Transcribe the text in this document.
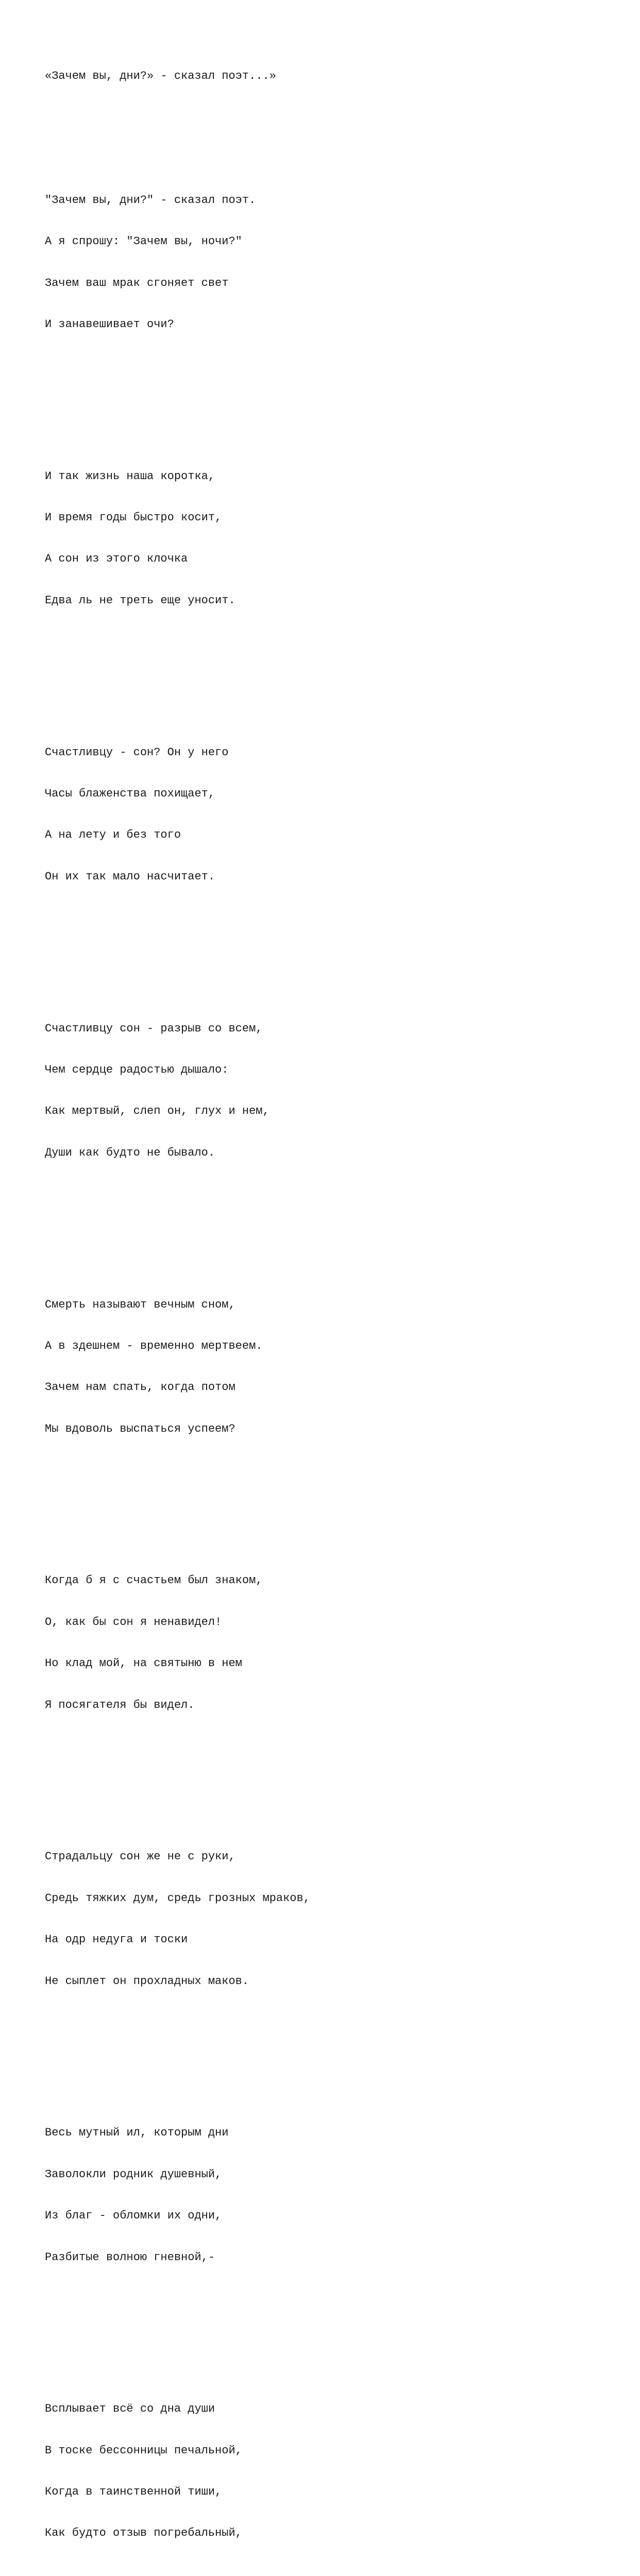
«Зачем вы, дни?» - сказал поэт...»

"Зачем вы, дни?" - сказал поэт.

А я спрошу: "Зачем вы, ночи?"

Зачем ваш мрак сгоняет свет

И занавешивает очи?

И так жизнь наша коротка,

И время годы быстро косит,

А сон из этого клочка

Едва ль не треть еще уносит.

Счастливцу - сон? Он у него

Часы блаженства похищает,

А на лету и без того

Он их так мало насчитает.

Счастливцу сон - разрыв со всем,

Чем сердце радостью дышало:

Как мертвый, слеп он, глух и нем,

Души как будто не бывало.

Смерть называют вечным сном,

А в здешнем - временно мертвеем.

Зачем нам спать, когда потом

Мы вдоволь выспаться успеем?

Когда б я с счастьем был знаком,

О, как бы сон я ненавидел!

Но клад мой, на святыню в нем

Я посягателя бы видел.

Страдальцу сон же не с руки,

Средь тяжких дум, средь грозных мраков,

На одр недуга и тоски

Не сыплет он прохладных маков.

Весь мутный ил, которым дни

Заволокли родник душевный,

Из благ - обломки их одни,

Разбитые волною гневной,-

Всплывает всё со дна души

В тоске бессонницы печальной,

Когда в таинственной тиши,

Как будто отзыв погребальный,
